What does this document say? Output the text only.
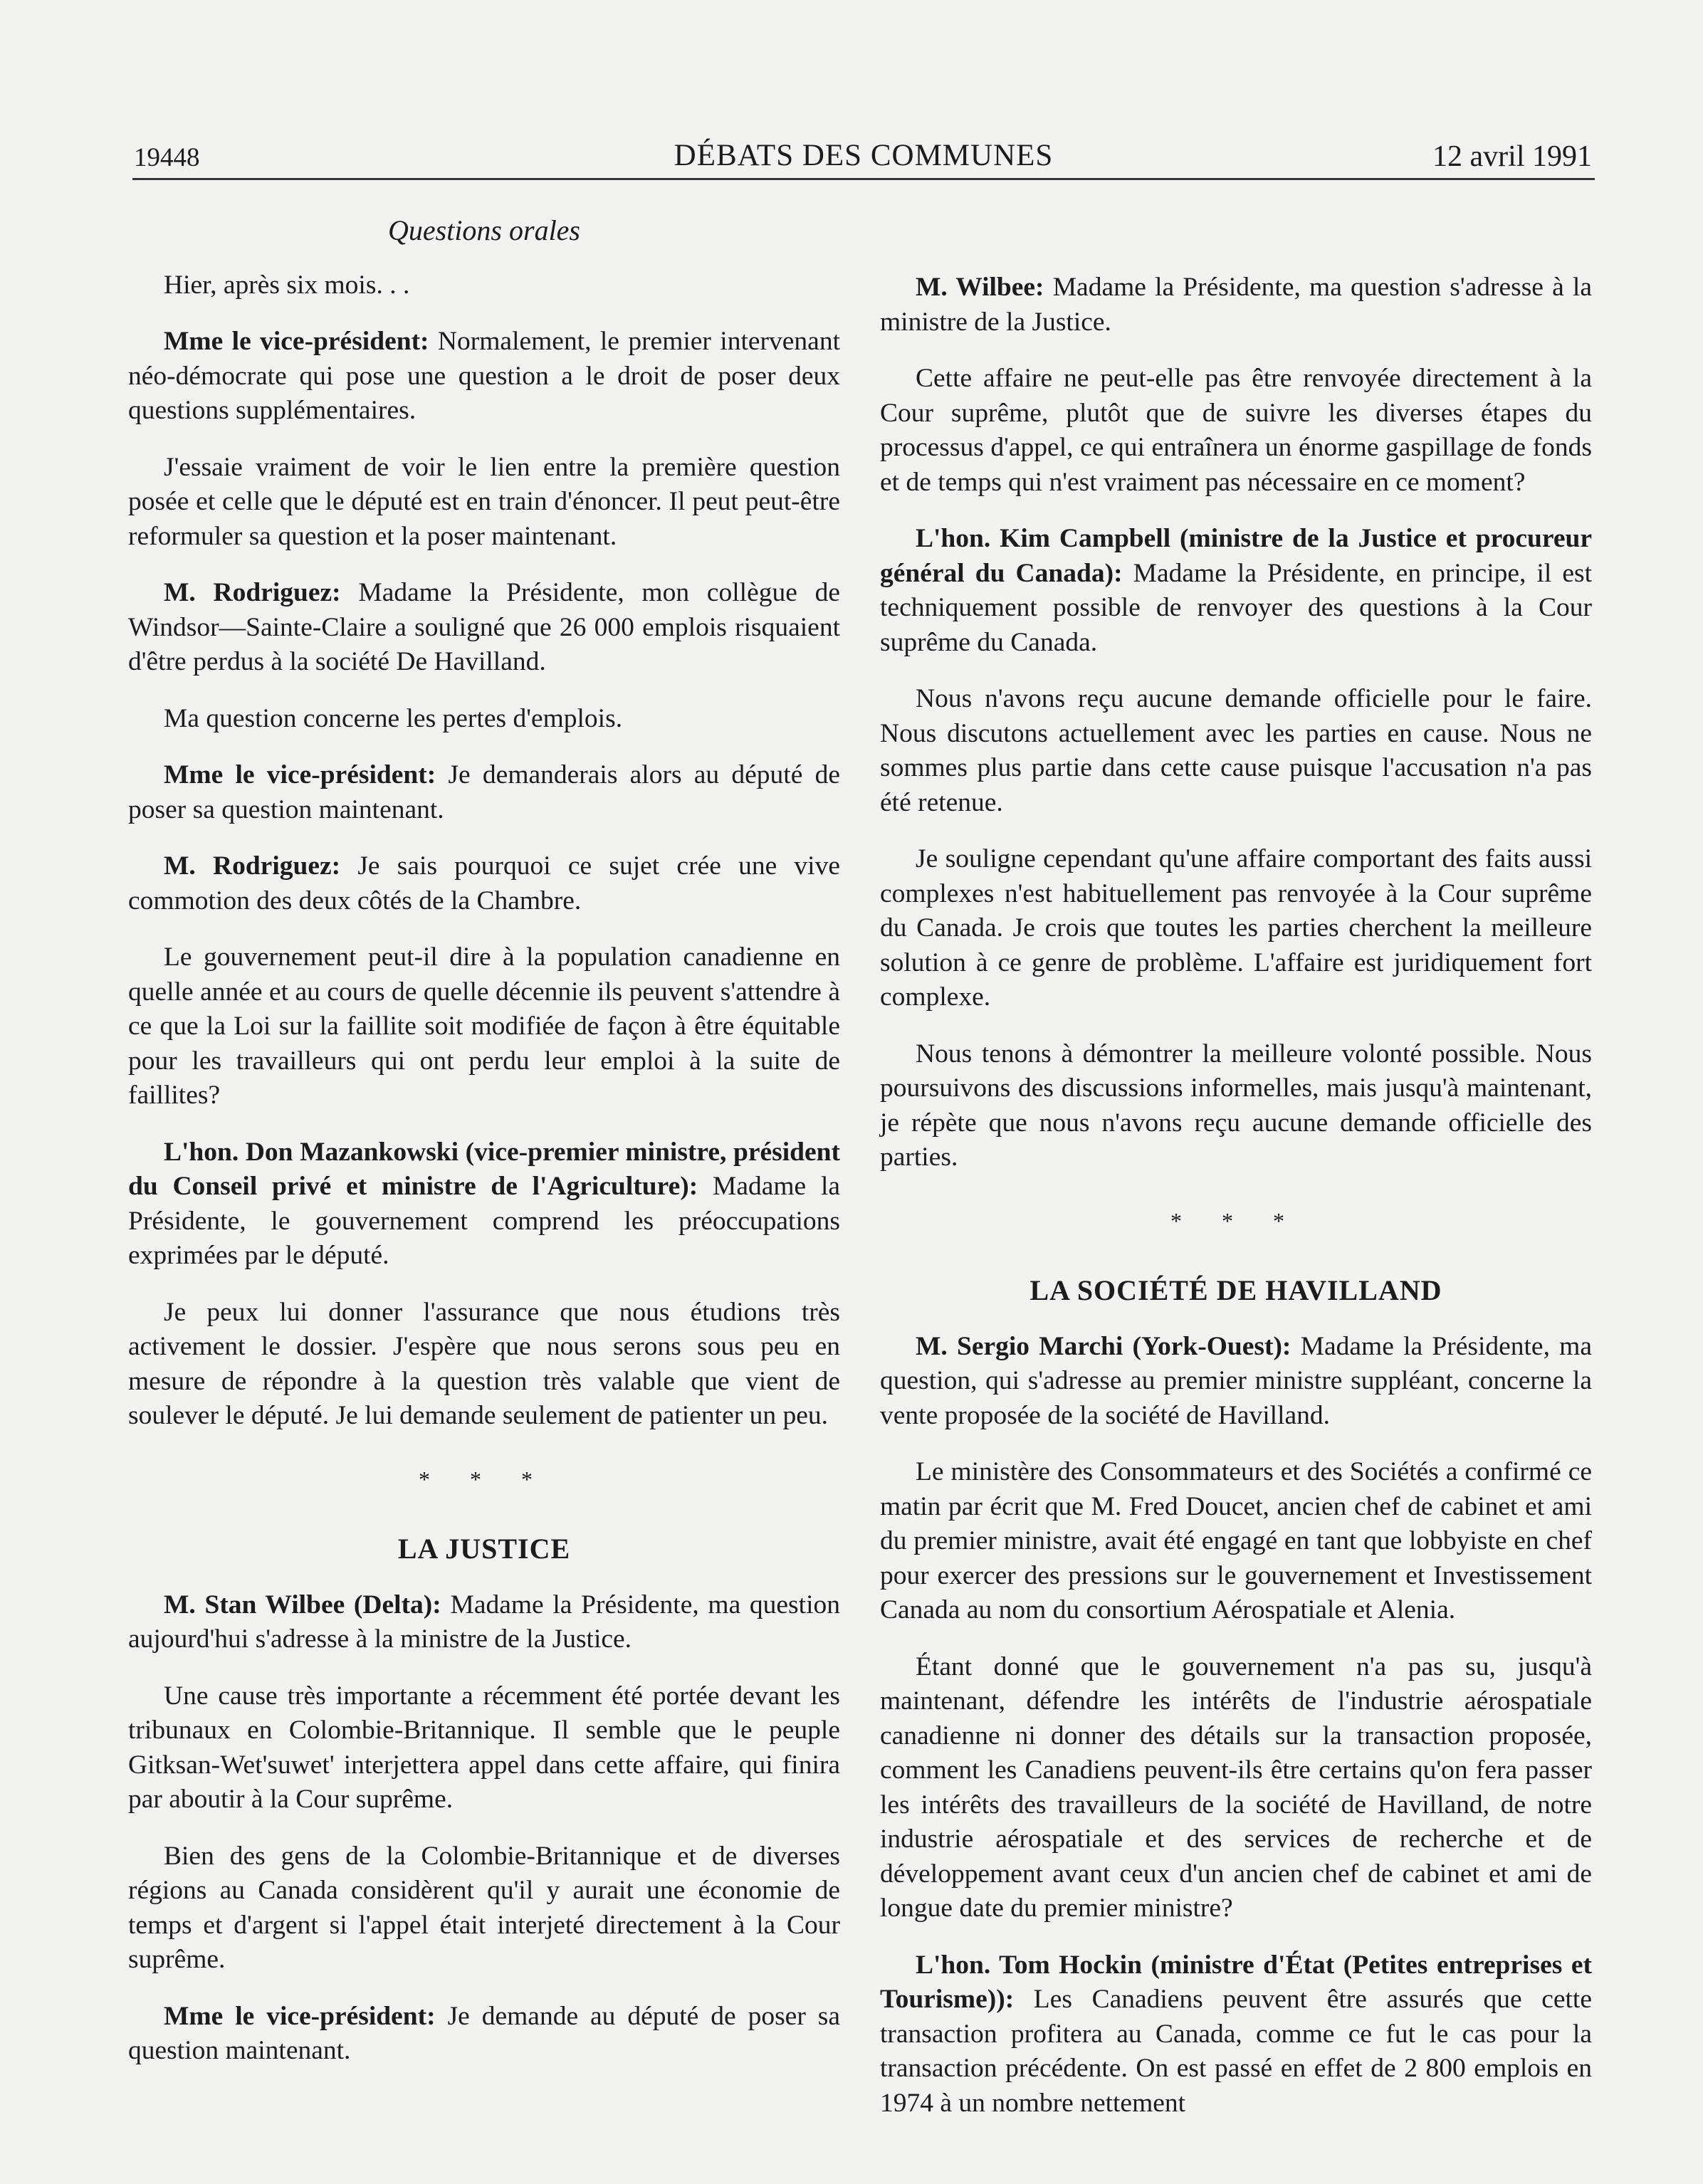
19448	DÉBATS DES COMMUNES	12 avril 1991
Questions orales

Hier, après six mois. . .

Mme le vice-président: Normalement, le premier intervenant néo-démocrate qui pose une question a le droit de poser deux questions supplémentaires.

J'essaie vraiment de voir le lien entre la première question posée et celle que le député est en train d'énoncer. Il peut peut-être reformuler sa question et la poser maintenant.

M. Rodriguez: Madame la Présidente, mon collègue de Windsor—Sainte-Claire a souligné que 26 000 emplois risquaient d'être perdus à la société De Havilland.

Ma question concerne les pertes d'emplois.

Mme le vice-président: Je demanderais alors au député de poser sa question maintenant.

M. Rodriguez: Je sais pourquoi ce sujet crée une vive commotion des deux côtés de la Chambre.

Le gouvernement peut-il dire à la population canadienne en quelle année et au cours de quelle décennie ils peuvent s'attendre à ce que la Loi sur la faillite soit modifiée de façon à être équitable pour les travailleurs qui ont perdu leur emploi à la suite de faillites?

L'hon. Don Mazankowski (vice-premier ministre, président du Conseil privé et ministre de l'Agriculture): Madame la Présidente, le gouvernement comprend les préoccupations exprimées par le député.

Je peux lui donner l'assurance que nous étudions très activement le dossier. J'espère que nous serons sous peu en mesure de répondre à la question très valable que vient de soulever le député. Je lui demande seulement de patienter un peu.

* * *
LA JUSTICE

M. Stan Wilbee (Delta): Madame la Présidente, ma question aujourd'hui s'adresse à la ministre de la Justice.

Une cause très importante a récemment été portée devant les tribunaux en Colombie-Britannique. Il semble que le peuple Gitksan-Wet'suwet' interjettera appel dans cette affaire, qui finira par aboutir à la Cour suprême.

Bien des gens de la Colombie-Britannique et de diverses régions au Canada considèrent qu'il y aurait une économie de temps et d'argent si l'appel était interjeté directement à la Cour suprême.

Mme le vice-président: Je demande au député de poser sa question maintenant.

M. Wilbee: Madame la Présidente, ma question s'adresse à la ministre de la Justice.

Cette affaire ne peut-elle pas être renvoyée directement à la Cour suprême, plutôt que de suivre les diverses étapes du processus d'appel, ce qui entraînera un énorme gaspillage de fonds et de temps qui n'est vraiment pas nécessaire en ce moment?

L'hon. Kim Campbell (ministre de la Justice et procureur général du Canada): Madame la Présidente, en principe, il est techniquement possible de renvoyer des questions à la Cour suprême du Canada.

Nous n'avons reçu aucune demande officielle pour le faire. Nous discutons actuellement avec les parties en cause. Nous ne sommes plus partie dans cette cause puisque l'accusation n'a pas été retenue.

Je souligne cependant qu'une affaire comportant des faits aussi complexes n'est habituellement pas renvoyée à la Cour suprême du Canada. Je crois que toutes les parties cherchent la meilleure solution à ce genre de problème. L'affaire est juridiquement fort complexe.

Nous tenons à démontrer la meilleure volonté possible. Nous poursuivons des discussions informelles, mais jusqu'à maintenant, je répète que nous n'avons reçu aucune demande officielle des parties.

* * *
LA SOCIÉTÉ DE HAVILLAND

M. Sergio Marchi (York-Ouest): Madame la Présidente, ma question, qui s'adresse au premier ministre suppléant, concerne la vente proposée de la société de Havilland.

Le ministère des Consommateurs et des Sociétés a confirmé ce matin par écrit que M. Fred Doucet, ancien chef de cabinet et ami du premier ministre, avait été engagé en tant que lobbyiste en chef pour exercer des pressions sur le gouvernement et Investissement Canada au nom du consortium Aérospatiale et Alenia.

Étant donné que le gouvernement n'a pas su, jusqu'à maintenant, défendre les intérêts de l'industrie aérospatiale canadienne ni donner des détails sur la transaction proposée, comment les Canadiens peuvent-ils être certains qu'on fera passer les intérêts des travailleurs de la société de Havilland, de notre industrie aérospatiale et des services de recherche et de développement avant ceux d'un ancien chef de cabinet et ami de longue date du premier ministre?

L'hon. Tom Hockin (ministre d'État (Petites entreprises et Tourisme)): Les Canadiens peuvent être assurés que cette transaction profitera au Canada, comme ce fut le cas pour la transaction précédente. On est passé en effet de 2 800 emplois en 1974 à un nombre nettement
